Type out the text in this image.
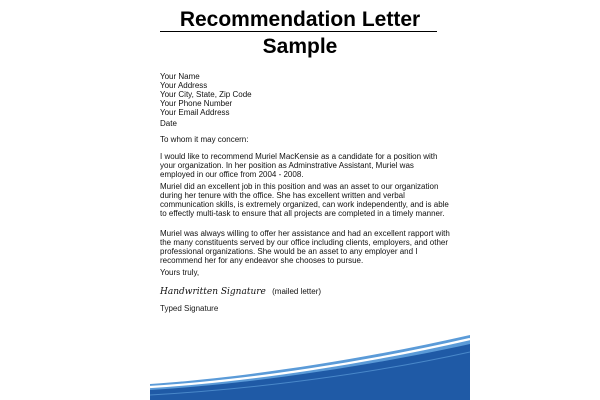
Recommendation Letter
Sample
Your Name
Your Address
Your City, State, Zip Code
Your Phone Number
Your Email Address
Date
To whom it may concern:
I would like to recommend Muriel MacKensie as a candidate for a position with your organization. In her position as Adminstrative Assistant, Muriel was employed in our office from 2004 - 2008.
Muriel did an excellent job in this position and was an asset to our organization during her tenure with the office. She has excellent written and verbal communication skills, is extremely organized, can work independently, and is able to effectly multi-task to ensure that all projects are completed in a timely manner.
Muriel was always willing to offer her assistance and had an excellent rapport with the many constituents served by our office including clients, employers, and other professional organizations. She would be an asset to any employer and I recommend her for any endeavor she chooses to pursue.
Yours truly,
Handwritten Signature (mailed letter)
Typed Signature
